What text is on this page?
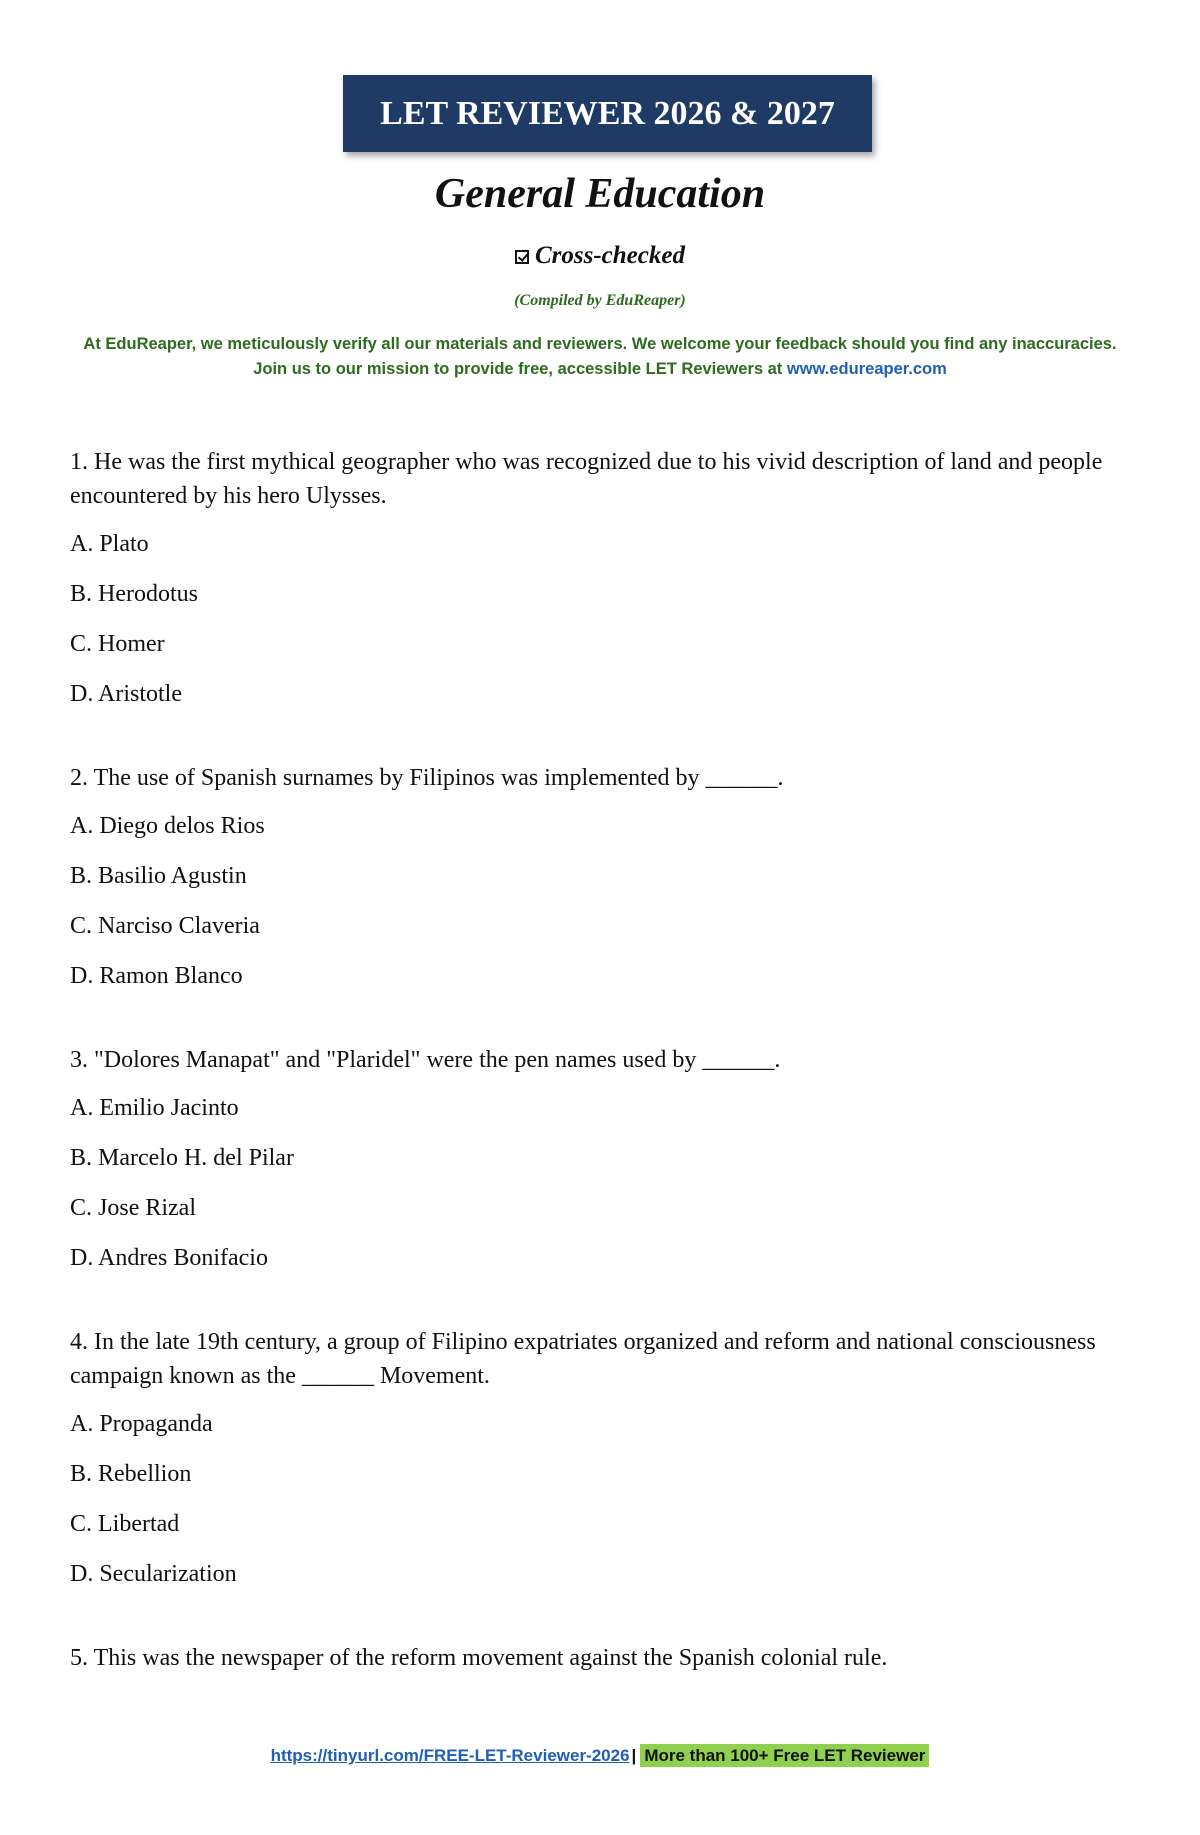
LET REVIEWER 2026 & 2027
General Education
Cross-checked
(Compiled by EduReaper)
At EduReaper, we meticulously verify all our materials and reviewers. We welcome your feedback should you find any inaccuracies. Join us to our mission to provide free, accessible LET Reviewers at www.edureaper.com
1. He was the first mythical geographer who was recognized due to his vivid description of land and people encountered by his hero Ulysses.
A. Plato
B. Herodotus
C. Homer
D. Aristotle
2. The use of Spanish surnames by Filipinos was implemented by ______.
A. Diego delos Rios
B. Basilio Agustin
C. Narciso Claveria
D. Ramon Blanco
3. "Dolores Manapat" and "Plaridel" were the pen names used by ______.
A. Emilio Jacinto
B. Marcelo H. del Pilar
C. Jose Rizal
D. Andres Bonifacio
4. In the late 19th century, a group of Filipino expatriates organized and reform and national consciousness campaign known as the ______ Movement.
A. Propaganda
B. Rebellion
C. Libertad
D. Secularization
5. This was the newspaper of the reform movement against the Spanish colonial rule.
https://tinyurl.com/FREE-LET-Reviewer-2026 | More than 100+ Free LET Reviewer
